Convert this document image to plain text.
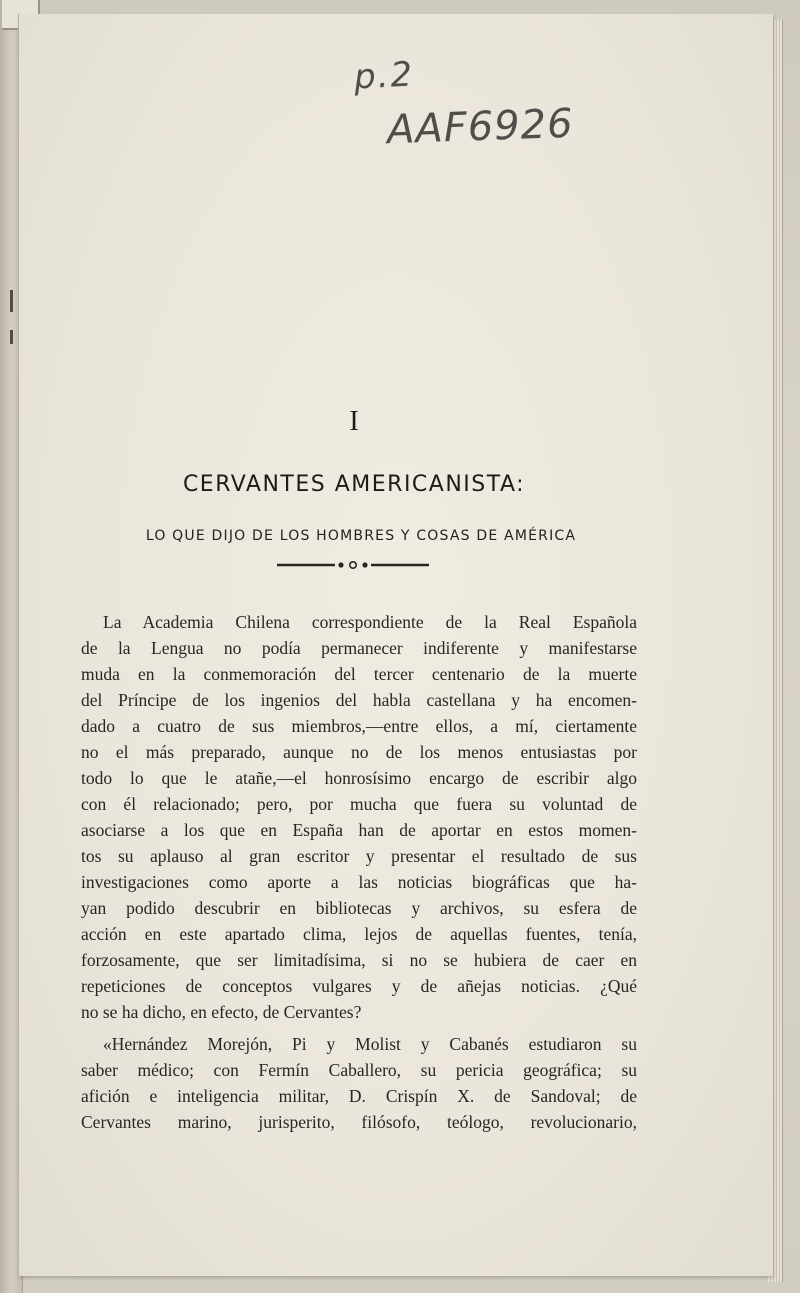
p.2
AAF6926
I
CERVANTES AMERICANISTA:
LO QUE DIJO DE LOS HOMBRES Y COSAS DE AMÉRICA
La Academia Chilena correspondiente de la Real Española
de la Lengua no podía permanecer indiferente y manifestarse
muda en la conmemoración del tercer centenario de la muerte
del Príncipe de los ingenios del habla castellana y ha encomen-
dado a cuatro de sus miembros,—entre ellos, a mí, ciertamente
no el más preparado, aunque no de los menos entusiastas por
todo lo que le atañe,—el honrosísimo encargo de escribir algo
con él relacionado; pero, por mucha que fuera su voluntad de
asociarse a los que en España han de aportar en estos momen-
tos su aplauso al gran escritor y presentar el resultado de sus
investigaciones como aporte a las noticias biográficas que ha-
yan podido descubrir en bibliotecas y archivos, su esfera de
acción en este apartado clima, lejos de aquellas fuentes, tenía,
forzosamente, que ser limitadísima, si no se hubiera de caer en
repeticiones de conceptos vulgares y de añejas noticias. ¿Qué
no se ha dicho, en efecto, de Cervantes?
«Hernández Morejón, Pi y Molist y Cabanés estudiaron su
saber médico; con Fermín Caballero, su pericia geográfica; su
afición e inteligencia militar, D. Crispín X. de Sandoval; de
Cervantes marino, jurisperito, filósofo, teólogo, revolucionario,
